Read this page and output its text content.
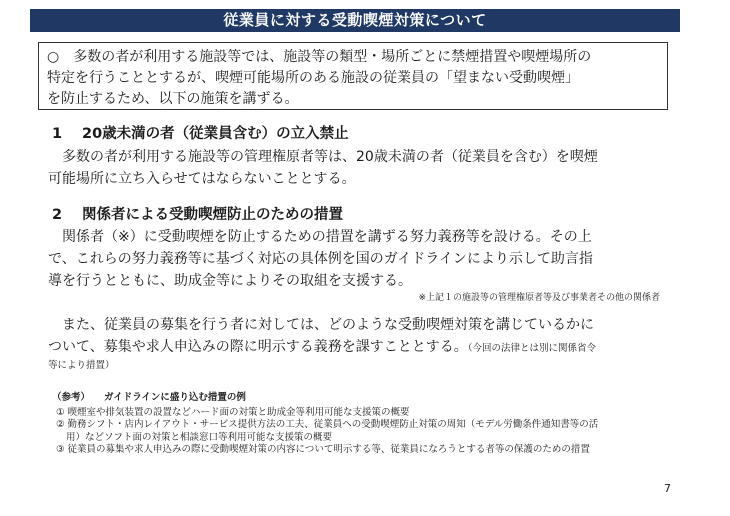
従業員に対する受動喫煙対策について
○ 多数の者が利用する施設等では、施設等の類型・場所ごとに禁煙措置や喫煙場所の
特定を行うこととするが、喫煙可能場所のある施設の従業員の「望まない受動喫煙」
を防止するため、以下の施策を講ずる。
1 20歳未満の者（従業員含む）の立入禁止
多数の者が利用する施設等の管理権原者等は、20歳未満の者（従業員を含む）を喫煙
可能場所に立ち入らせてはならないこととする。
2 関係者による受動喫煙防止のための措置
関係者（※）に受動喫煙を防止するための措置を講ずる努力義務等を設ける。その上
で、これらの努力義務等に基づく対応の具体例を国のガイドラインにより示して助言指
導を行うとともに、助成金等によりその取組を支援する。
※上記１の施設等の管理権原者等及び事業者その他の関係者
また、従業員の募集を行う者に対しては、どのような受動喫煙対策を講じているかに
ついて、募集や求人申込みの際に明示する義務を課すこととする。（今回の法律とは別に関係省令
等により措置）
（参考） ガイドラインに盛り込む措置の例
① 喫煙室や排気装置の設置などハード面の対策と助成金等利用可能な支援策の概要
② 勤務シフト・店内レイアウト・サービス提供方法の工夫、従業員への受動喫煙防止対策の周知（モデル労働条件通知書等の活
用）などソフト面の対策と相談窓口等利用可能な支援策の概要
③ 従業員の募集や求人申込みの際に受動喫煙対策の内容について明示する等、従業員になろうとする者等の保護のための措置
7
